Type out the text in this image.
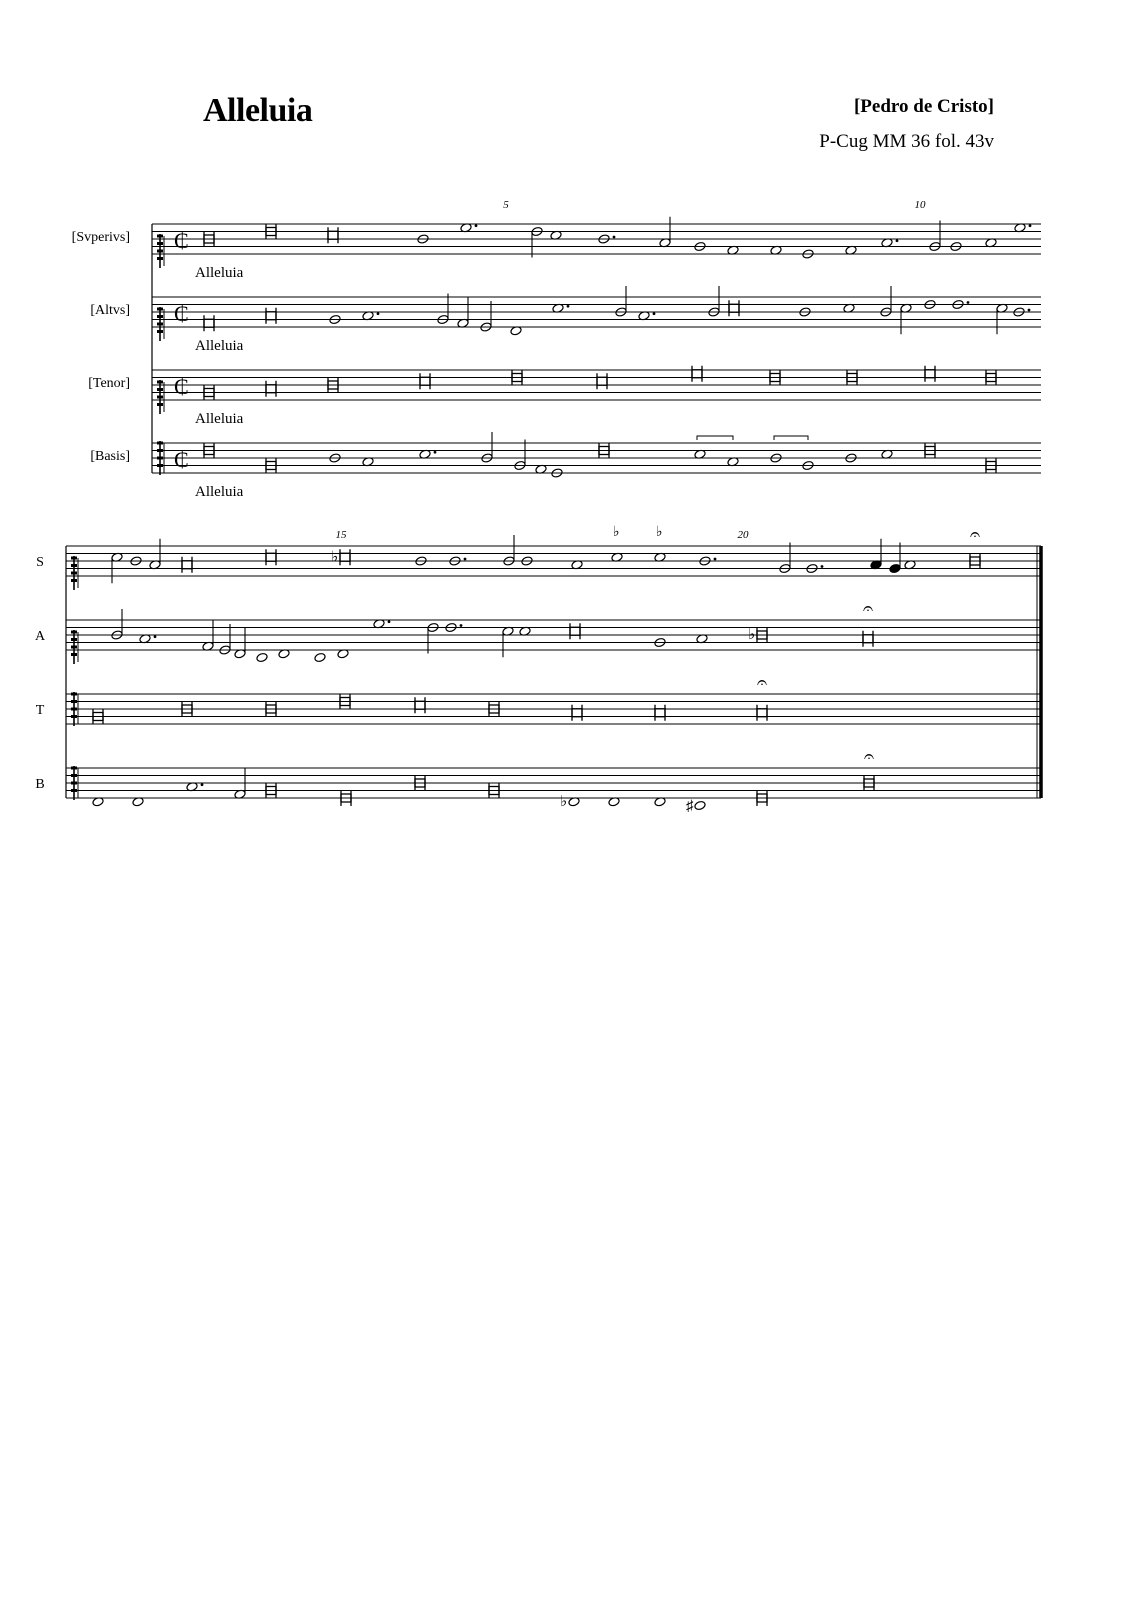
Alleluia	[Pedro de Cristo]
P-Cug MM 36 fol. 43v
₵
[Svperivs]
Alleluia
₵
[Altvs]
Alleluia
₵
[Tenor]
Alleluia
₵
[Basis]
Alleluia
5	10
S
A
T
B
15	20
♭
♭	♭	𝄐
♭
𝄐
𝄐
♭	♯
𝄐
